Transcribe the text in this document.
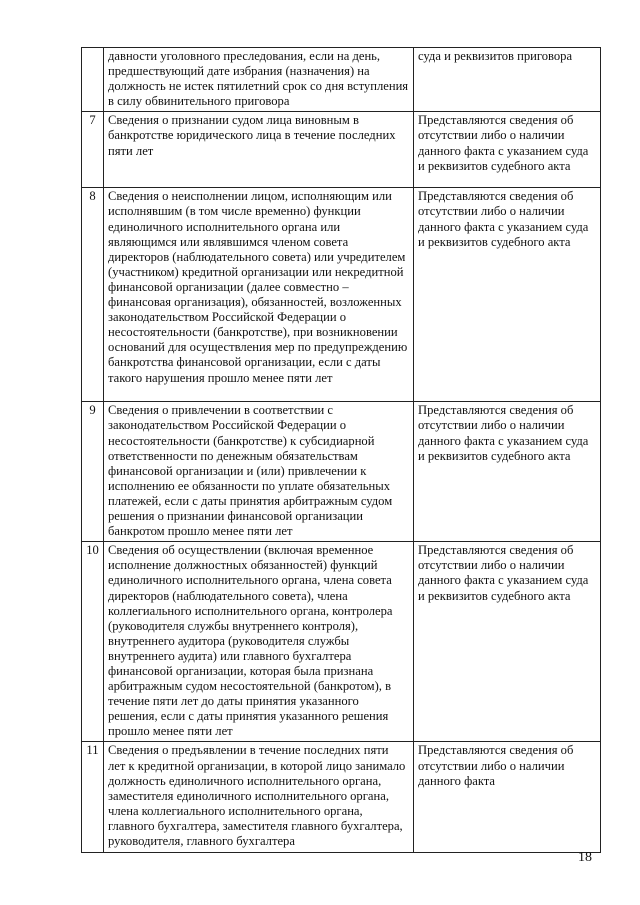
	давности уголовного преследования, если на день, предшествующий дате избрания (назначения) на должность не истек пятилетний срок со дня вступления в силу обвинительного приговора	суда и реквизитов приговора
7	Сведения о признании судом лица виновным в банкротстве юридического лица в течение последних пяти лет	Представляются сведения об отсутствии либо о наличии данного факта с указанием суда и реквизитов судебного акта
8	Сведения о неисполнении лицом, исполняющим или исполнявшим (в том числе временно) функции единоличного исполнительного органа или являющимся или являвшимся членом совета директоров (наблюдательного совета) или учредителем (участником) кредитной организации или некредитной финансовой организации (далее совместно – финансовая организация), обязанностей, возложенных законодательством Российской Федерации о несостоятельности (банкротстве), при возникновении оснований для осуществления мер по предупреждению банкротства финансовой организации, если с даты такого нарушения прошло менее пяти лет	Представляются сведения об отсутствии либо о наличии данного факта с указанием суда и реквизитов судебного акта
9	Сведения о привлечении в соответствии с законодательством Российской Федерации о несостоятельности (банкротстве) к субсидиарной ответственности по денежным обязательствам финансовой организации и (или) привлечении к исполнению ее обязанности по уплате обязательных платежей, если с даты принятия арбитражным судом решения о признании финансовой организации банкротом прошло менее пяти лет	Представляются сведения об отсутствии либо о наличии данного факта с указанием суда и реквизитов судебного акта
10	Сведения об осуществлении (включая временное исполнение должностных обязанностей) функций единоличного исполнительного органа, члена совета директоров (наблюдательного совета), члена коллегиального исполнительного органа, контролера (руководителя службы внутреннего контроля), внутреннего аудитора (руководителя службы внутреннего аудита) или главного бухгалтера финансовой организации, которая была признана арбитражным судом несостоятельной (банкротом), в течение пяти лет до даты принятия указанного решения, если с даты принятия указанного решения прошло менее пяти лет	Представляются сведения об отсутствии либо о наличии данного факта с указанием суда и реквизитов судебного акта
11	Сведения о предъявлении в течение последних пяти лет к кредитной организации, в которой лицо занимало должность единоличного исполнительного органа, заместителя единоличного исполнительного органа, члена коллегиального исполнительного органа, главного бухгалтера, заместителя главного бухгалтера, руководителя, главного бухгалтера	Представляются сведения об отсутствии либо о наличии данного факта
18
